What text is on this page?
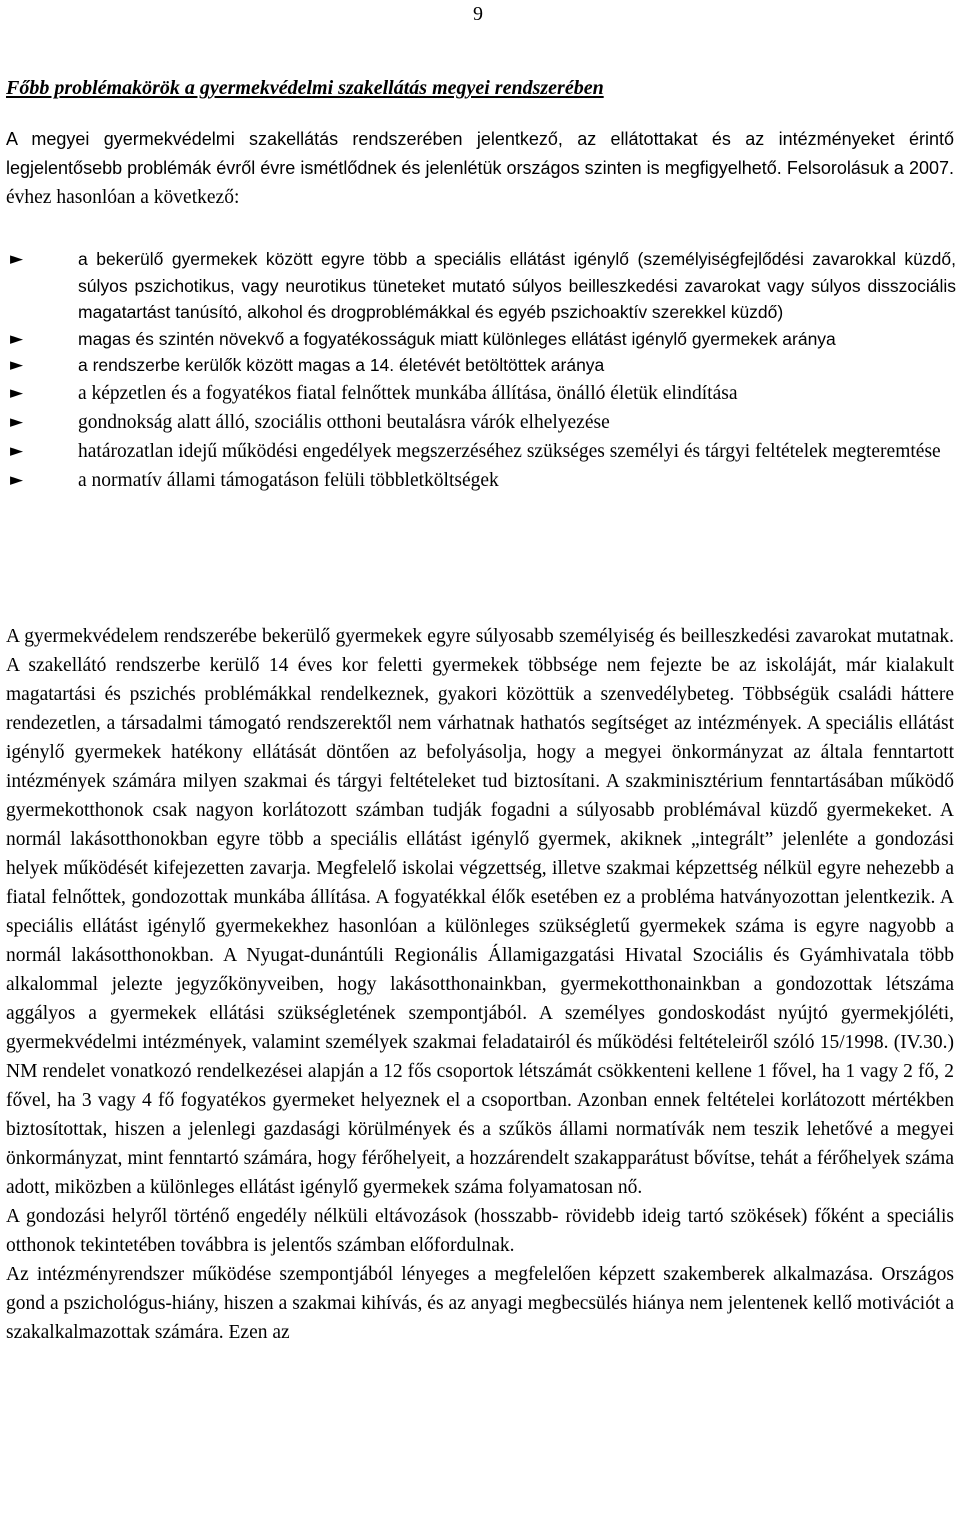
9
Főbb problémakörök a gyermekvédelmi szakellátás megyei rendszerében

A megyei gyermekvédelmi szakellátás rendszerében jelentkező, az ellátottakat és az intézményeket érintő legjelentősebb problémák évről évre ismétlődnek és jelenlétük országos szinten is megfigyelhető. Felsorolásuk a 2007. évhez hasonlóan a következő:

►	a bekerülő gyermekek között egyre több a speciális ellátást igénylő (személyiségfejlődési zavarokkal küzdő, súlyos pszichotikus, vagy neurotikus tüneteket mutató súlyos beilleszkedési zavarokat vagy súlyos disszociális magatartást tanúsító, alkohol és drogproblémákkal és egyéb pszichoaktív szerekkel küzdő)
►	magas és szintén növekvő a fogyatékosságuk miatt különleges ellátást igénylő gyermekek aránya
►	a rendszerbe kerülők között magas a 14. életévét betöltöttek aránya
►	a képzetlen és a fogyatékos fiatal felnőttek munkába állítása, önálló életük elindítása
►	gondnokság alatt álló, szociális otthoni beutalásra várók elhelyezése
►	határozatlan idejű működési engedélyek megszerzéséhez szükséges személyi és tárgyi feltételek megteremtése
►	a normatív állami támogatáson felüli többletköltségek

A gyermekvédelem rendszerébe bekerülő gyermekek egyre súlyosabb személyiség és beilleszkedési zavarokat mutatnak. A szakellátó rendszerbe kerülő 14 éves kor feletti gyermekek többsége nem fejezte be az iskoláját, már kialakult magatartási és pszichés problémákkal rendelkeznek, gyakori közöttük a szenvedélybeteg. Többségük családi háttere rendezetlen, a társadalmi támogató rendszerektől nem várhatnak hathatós segítséget az intézmények. A speciális ellátást igénylő gyermekek hatékony ellátását döntően az befolyásolja, hogy a megyei önkormányzat az általa fenntartott intézmények számára milyen szakmai és tárgyi feltételeket tud biztosítani. A szakminisztérium fenntartásában működő gyermekotthonok csak nagyon korlátozott számban tudják fogadni a súlyosabb problémával küzdő gyermekeket. A normál lakásotthonokban egyre több a speciális ellátást igénylő gyermek, akiknek „integrált” jelenléte a gondozási helyek működését kifejezetten zavarja. Megfelelő iskolai végzettség, illetve szakmai képzettség nélkül egyre nehezebb a fiatal felnőttek, gondozottak munkába állítása. A fogyatékkal élők esetében ez a probléma hatványozottan jelentkezik. A speciális ellátást igénylő gyermekekhez hasonlóan a különleges szükségletű gyermekek száma is egyre nagyobb a normál lakásotthonokban. A Nyugat-dunántúli Regionális Államigazgatási Hivatal Szociális és Gyámhivatala több alkalommal jelezte jegyzőkönyveiben, hogy lakásotthonainkban, gyermekotthonainkban a gondozottak létszáma aggályos a gyermekek ellátási szükségletének szempontjából. A személyes gondoskodást nyújtó gyermekjóléti, gyermekvédelmi intézmények, valamint személyek szakmai feladatairól és működési feltételeiről szóló 15/1998. (IV.30.) NM rendelet vonatkozó rendelkezései alapján a 12 fős csoportok létszámát csökkenteni kellene 1 fővel, ha 1 vagy 2 fő, 2 fővel, ha 3 vagy 4 fő fogyatékos gyermeket helyeznek el a csoportban. Azonban ennek feltételei korlátozott mértékben biztosítottak, hiszen a jelenlegi gazdasági körülmények és a szűkös állami normatívák nem teszik lehetővé a megyei önkormányzat, mint fenntartó számára, hogy férőhelyeit, a hozzárendelt szakapparátust bővítse, tehát a férőhelyek száma adott, miközben a különleges ellátást igénylő gyermekek száma folyamatosan nő.

A gondozási helyről történő engedély nélküli eltávozások (hosszabb- rövidebb ideig tartó szökések) főként a speciális otthonok tekintetében továbbra is jelentős számban előfordulnak.

Az intézményrendszer működése szempontjából lényeges a megfelelően képzett szakemberek alkalmazása. Országos gond a pszichológus-hiány, hiszen a szakmai kihívás, és az anyagi megbecsülés hiánya nem jelentenek kellő motivációt a szakalkalmazottak számára. Ezen az
